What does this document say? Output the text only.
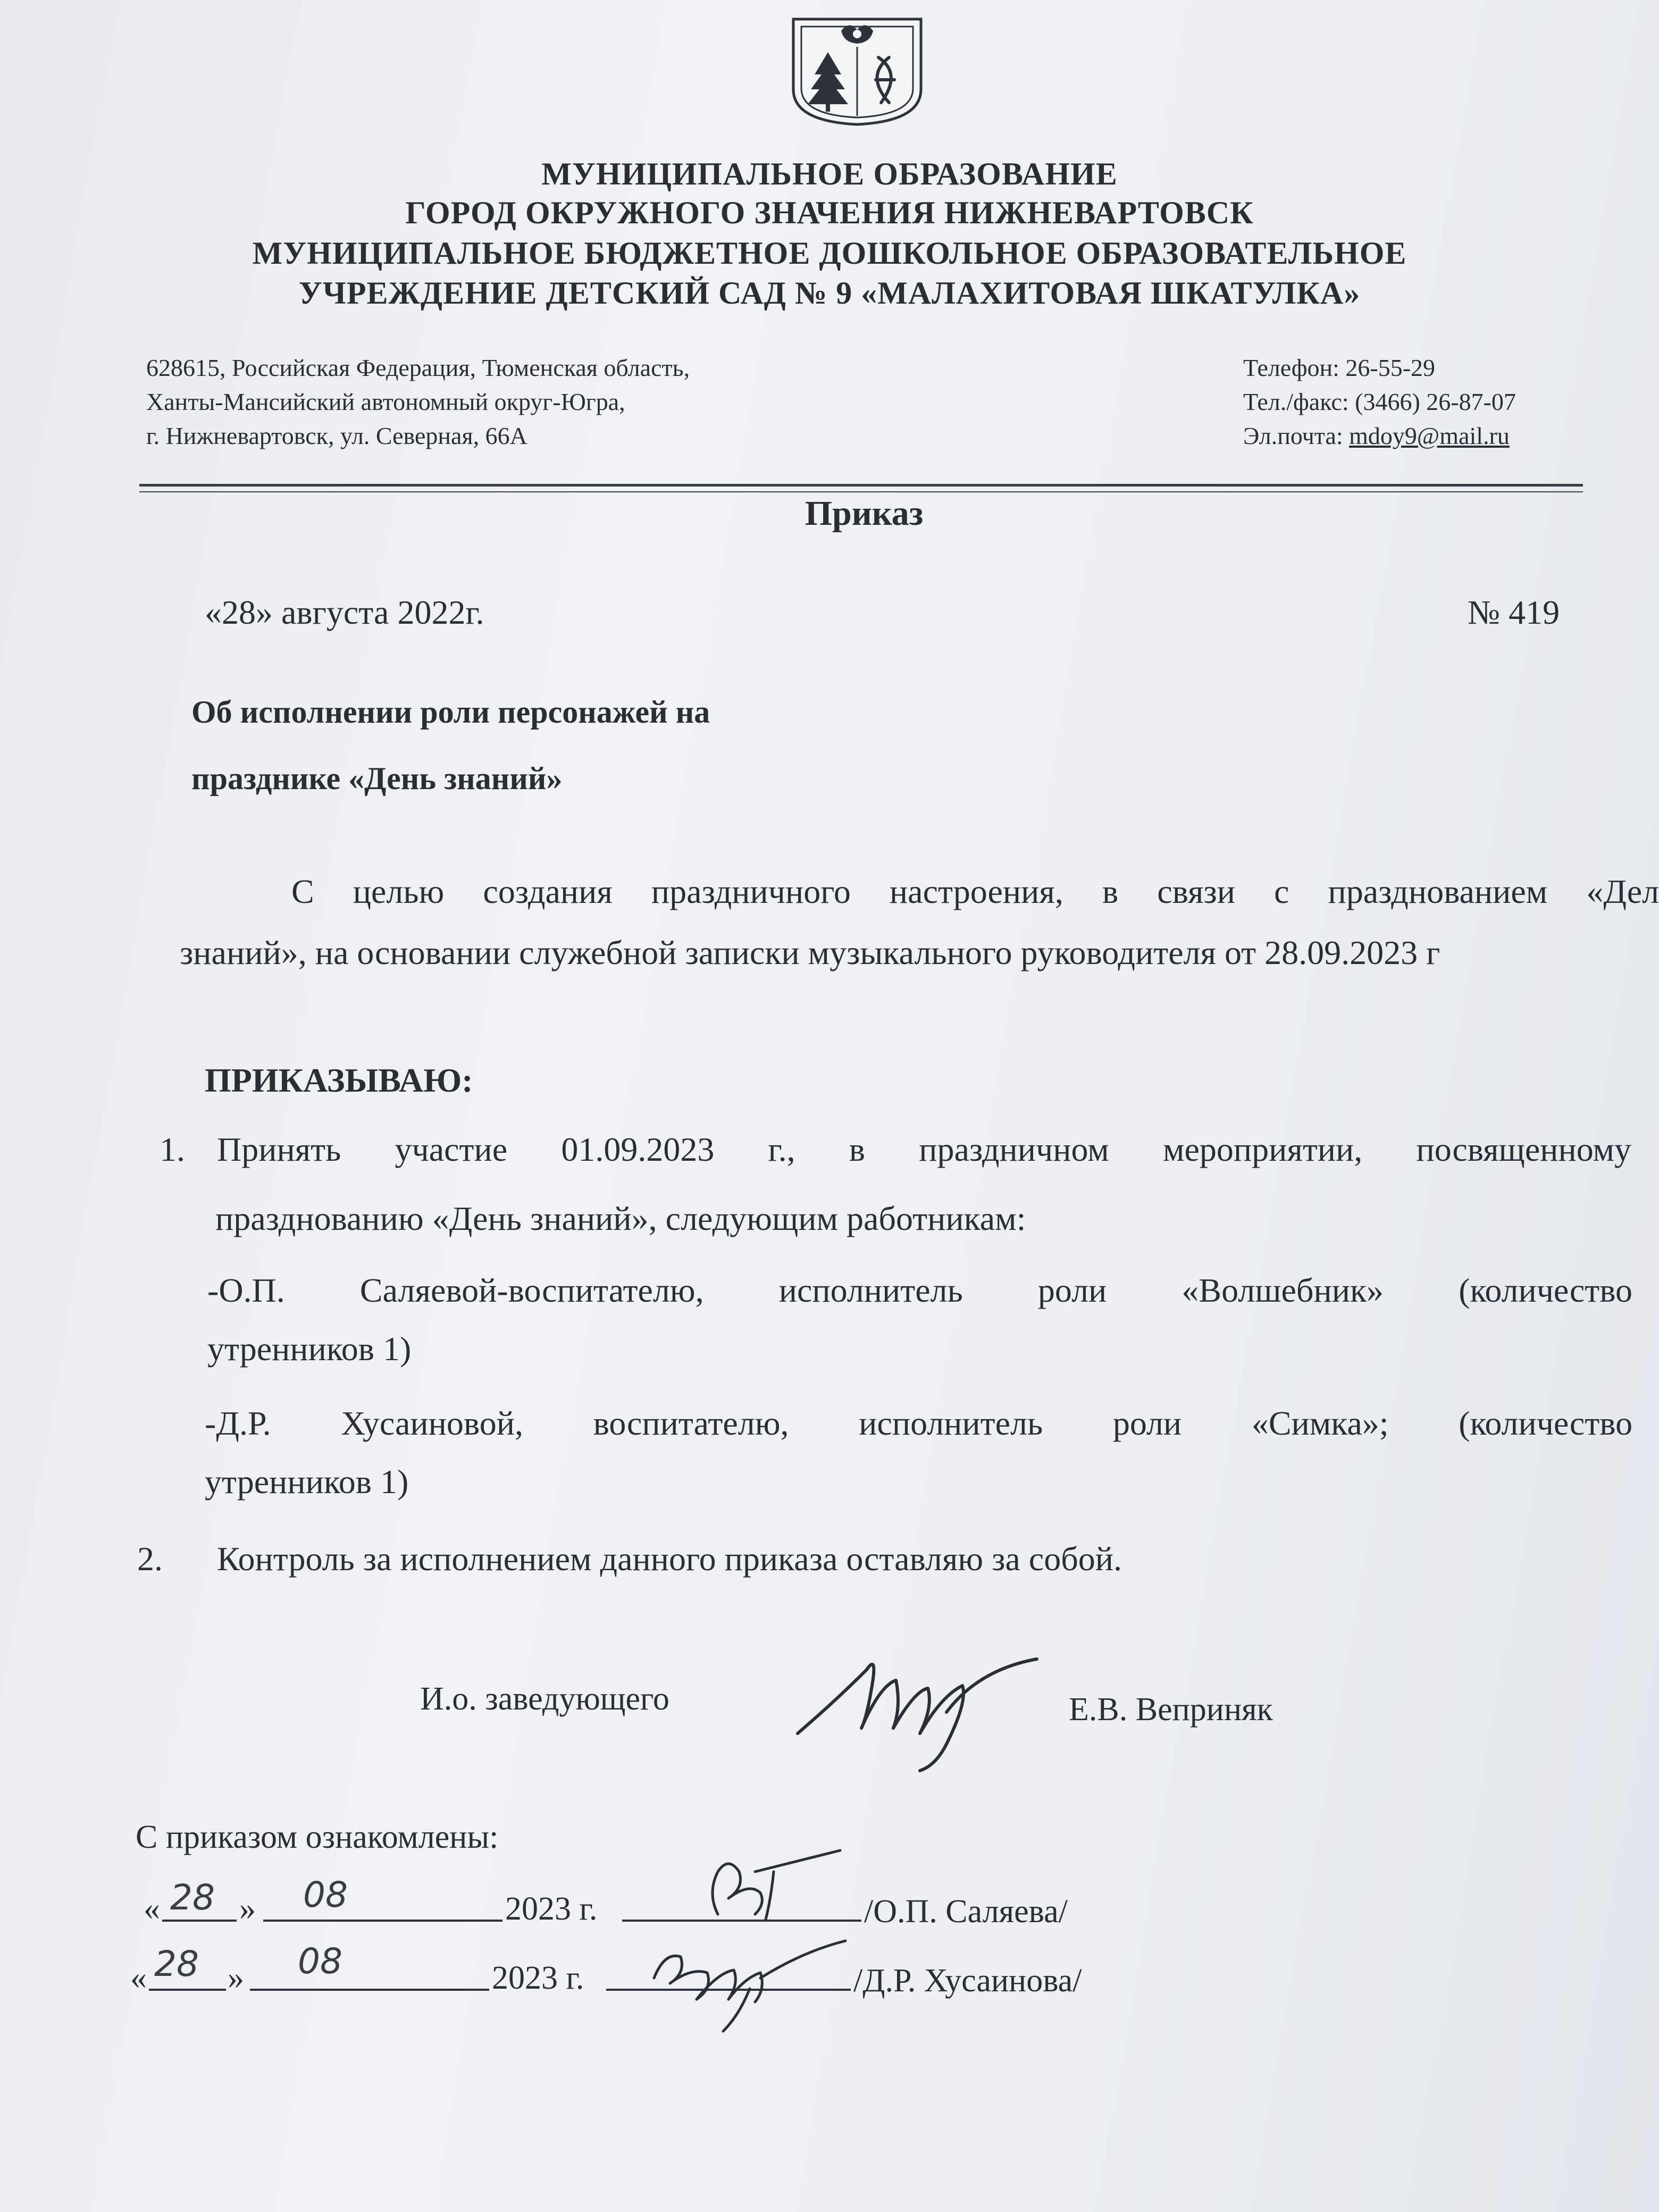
МУНИЦИПАЛЬНОЕ ОБРАЗОВАНИЕ
ГОРОД ОКРУЖНОГО ЗНАЧЕНИЯ НИЖНЕВАРТОВСК
МУНИЦИПАЛЬНОЕ БЮДЖЕТНОЕ ДОШКОЛЬНОЕ ОБРАЗОВАТЕЛЬНОЕ
УЧРЕЖДЕНИЕ ДЕТСКИЙ САД № 9 «МАЛАХИТОВАЯ ШКАТУЛКА»
628615, Российская Федерация, Тюменская область,
Ханты-Мансийский автономный округ-Югра,
г. Нижневартовск, ул. Северная, 66А
Телефон: 26-55-29
Тел./факс: (3466) 26-87-07
Эл.почта: mdoy9@mail.ru
Приказ
«28» августа 2022г.	№ 419
Об исполнении роли персонажей на
празднике «День знаний»
С целью создания праздничного настроения, в связи с празднованием «Дел
знаний», на основании служебной записки музыкального руководителя от 28.09.2023 г
ПРИКАЗЫВАЮ:
1. Принять участие 01.09.2023 г., в праздничном мероприятии, посвященному
празднованию «День знаний», следующим работникам:
-О.П. Саляевой-воспитателю, исполнитель роли «Волшебник» (количество
утренников 1)
-Д.Р. Хусаиновой, воспитателю, исполнитель роли «Симка»; (количество
утренников 1)
2. Контроль за исполнением данного приказа оставляю за собой.
И.о. заведующего	Е.В. Веприняк
С приказом ознакомлены:
« 28 » 08	2023 г.	/О.П. Саляева/
« 28 » 08	2023 г.	/Д.Р. Хусаинова/
